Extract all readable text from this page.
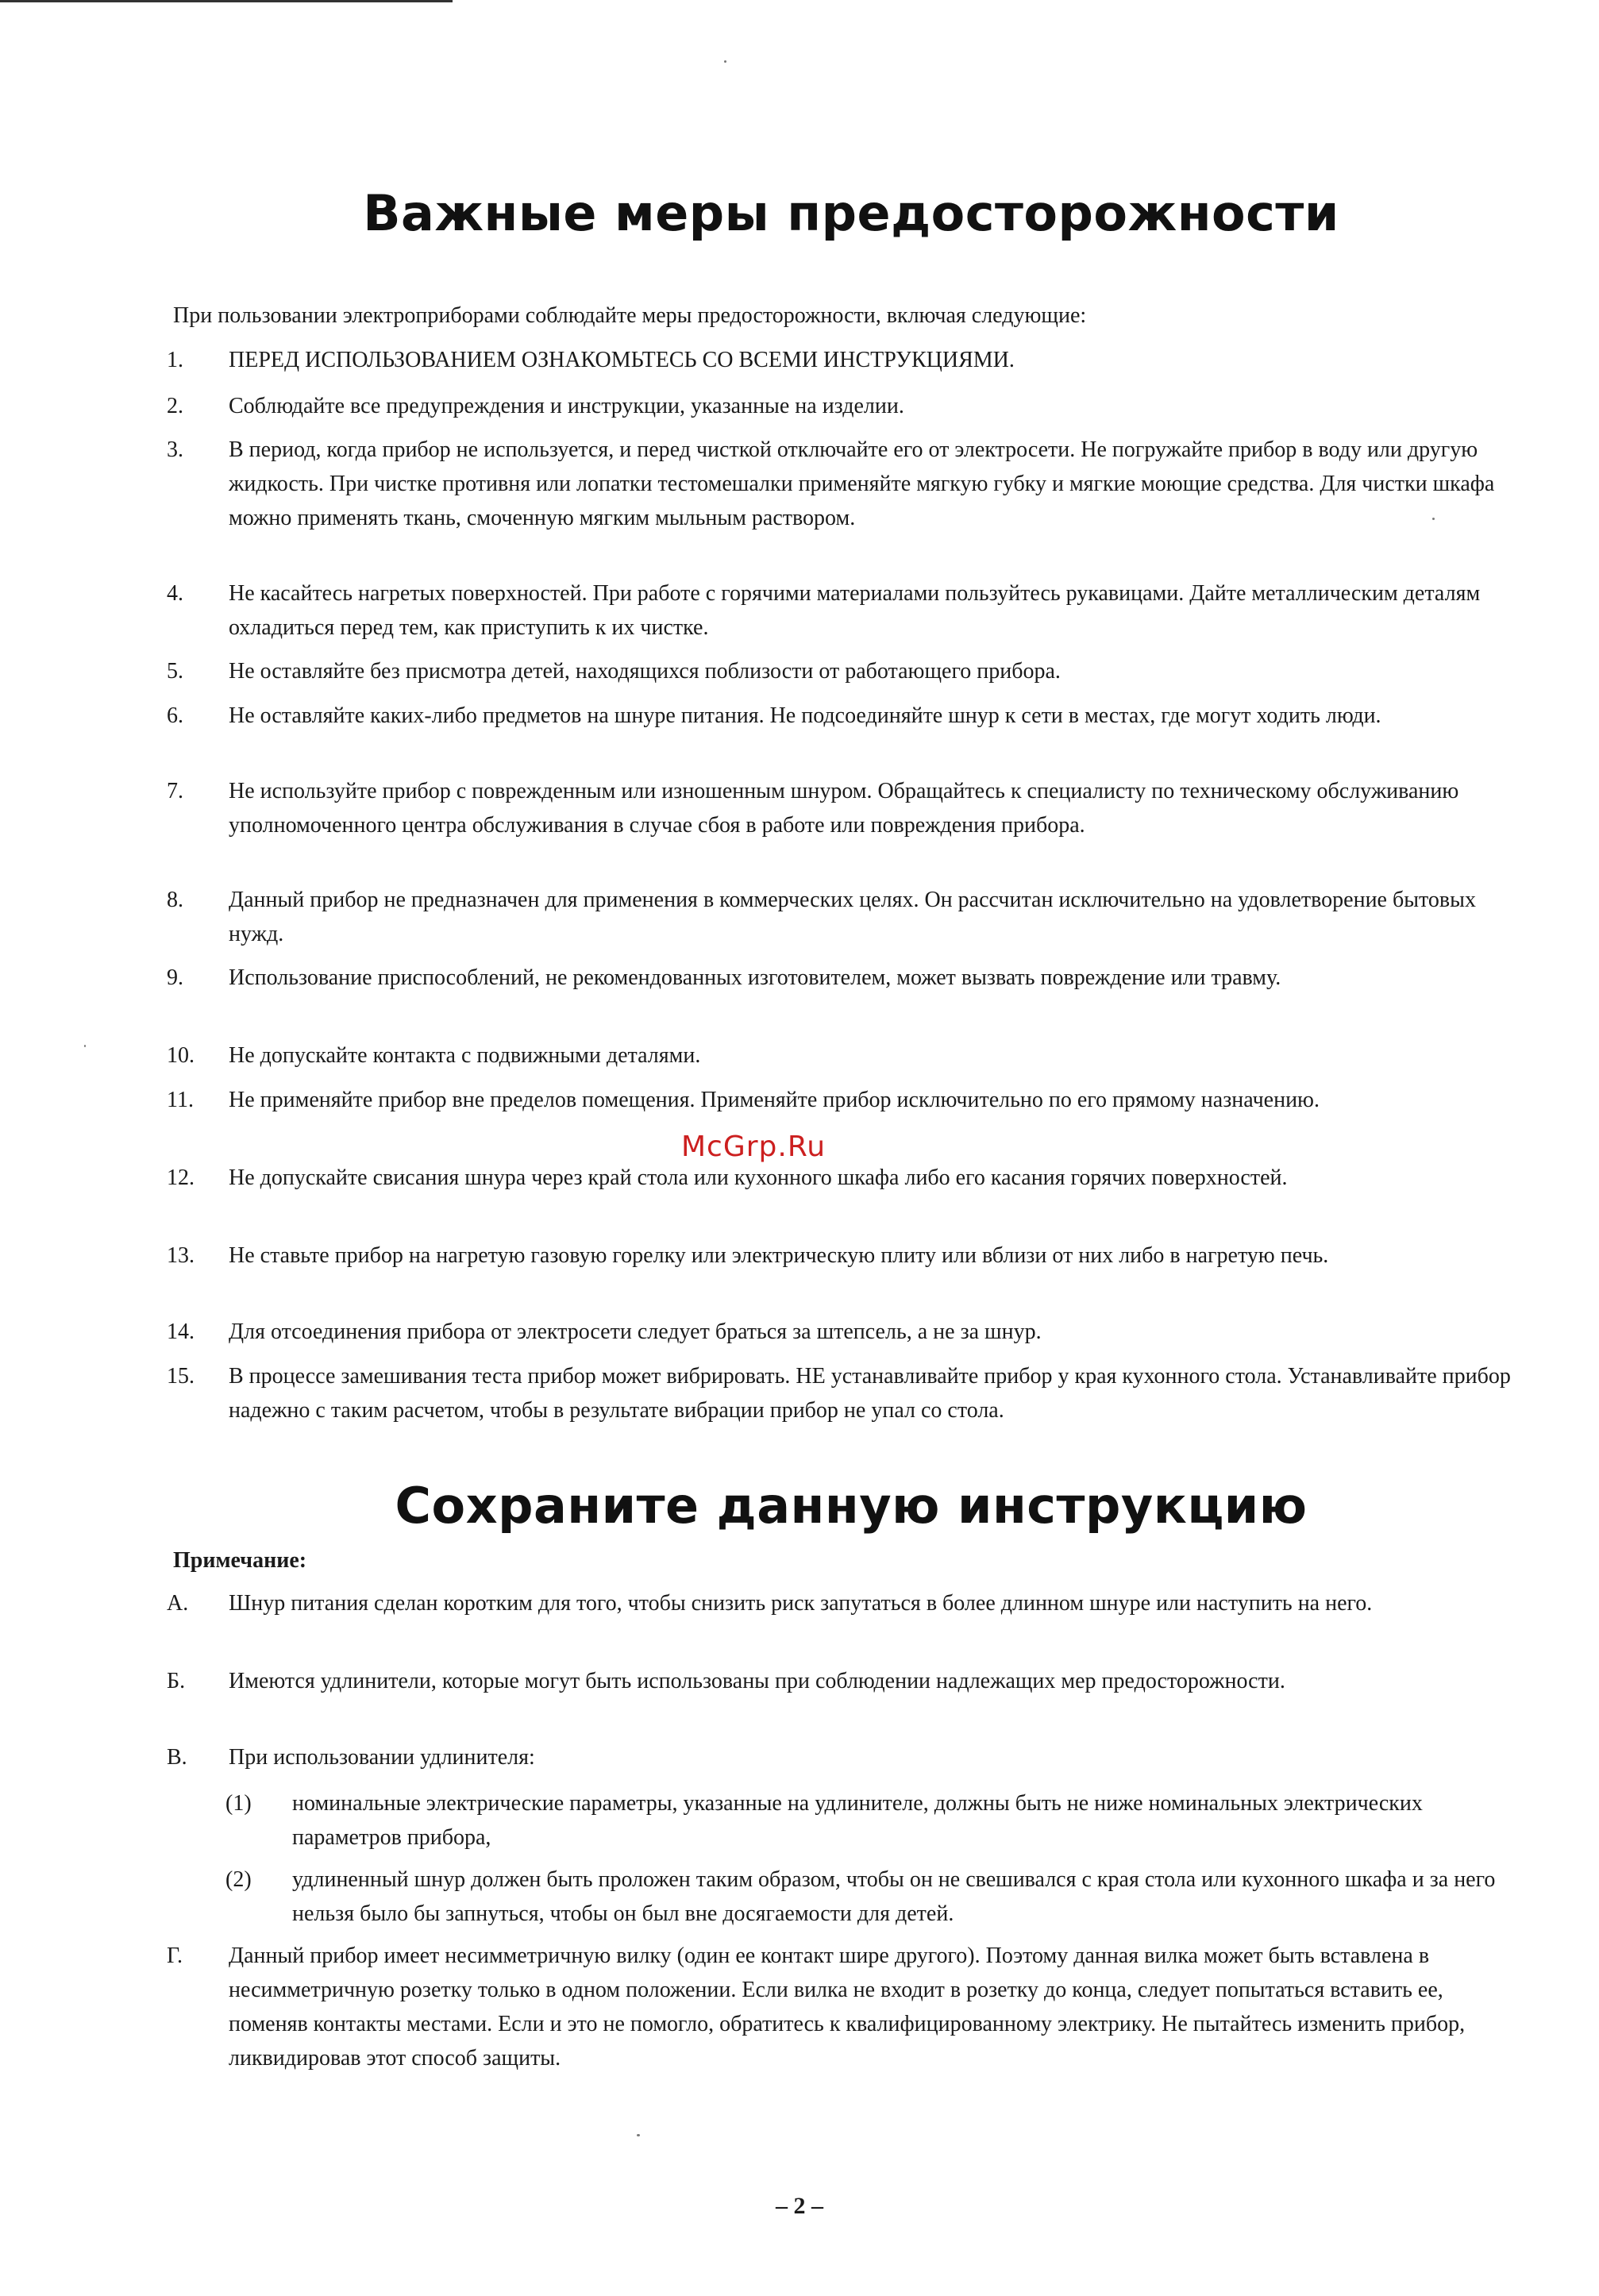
Важные меры предосторожности
При пользовании электроприборами соблюдайте меры предосторожности, включая следующие:
1. ПЕРЕД ИСПОЛЬЗОВАНИЕМ ОЗНАКОМЬТЕСЬ СО ВСЕМИ ИНСТРУКЦИЯМИ.
2. Соблюдайте все предупреждения и инструкции, указанные на изделии.
3. В период, когда прибор не используется, и перед чисткой отключайте его от электросети. Не погружайте прибор в воду или другую жидкость. При чистке противня или лопатки тестомешалки применяйте мягкую губку и мягкие моющие средства. Для чистки шкафа можно применять ткань, смоченную мягким мыльным раствором.
4. Не касайтесь нагретых поверхностей. При работе с горячими материалами пользуйтесь рукавицами. Дайте металлическим деталям охладиться перед тем, как приступить к их чистке.
5. Не оставляйте без присмотра детей, находящихся поблизости от работающего прибора.
6. Не оставляйте каких-либо предметов на шнуре питания. Не подсоединяйте шнур к сети в местах, где могут ходить люди.
7. Не используйте прибор с поврежденным или изношенным шнуром. Обращайтесь к специалисту по техническому обслуживанию уполномоченного центра обслуживания в случае сбоя в работе или повреждения прибора.
8. Данный прибор не предназначен для применения в коммерческих целях. Он рассчитан исключительно на удовлетворение бытовых нужд.
9. Использование приспособлений, не рекомендованных изготовителем, может вызвать повреждение или травму.
10. Не допускайте контакта с подвижными деталями.
11. Не применяйте прибор вне пределов помещения. Применяйте прибор исключительно по его прямому назначению.
12. Не допускайте свисания шнура через край стола или кухонного шкафа либо его касания горячих поверхностей.
13. Не ставьте прибор на нагретую газовую горелку или электрическую плиту или вблизи от них либо в нагретую печь.
14. Для отсоединения прибора от электросети следует браться за штепсель, а не за шнур.
15. В процессе замешивания теста прибор может вибрировать. НЕ устанавливайте прибор у края кухонного стола. Устанавливайте прибор надежно с таким расчетом, чтобы в результате вибрации прибор не упал со стола.
McGrp.Ru
Сохраните данную инструкцию
Примечание:
А. Шнур питания сделан коротким для того, чтобы снизить риск запутаться в более длинном шнуре или наступить на него.
Б. Имеются удлинители, которые могут быть использованы при соблюдении надлежащих мер предосторожности.
В. При использовании удлинителя:
(1) номинальные электрические параметры, указанные на удлинителе, должны быть не ниже номинальных электрических параметров прибора,
(2) удлиненный шнур должен быть проложен таким образом, чтобы он не свешивался с края стола или кухонного шкафа и за него нельзя было бы запнуться, чтобы он был вне досягаемости для детей.
Г. Данный прибор имеет несимметричную вилку (один ее контакт шире другого). Поэтому данная вилка может быть вставлена в несимметричную розетку только в одном положении. Если вилка не входит в розетку до конца, следует попытаться вставить ее, поменяв контакты местами. Если и это не помогло, обратитесь к квалифицированному электрику. Не пытайтесь изменить прибор, ликвидировав этот способ защиты.
– 2 –
